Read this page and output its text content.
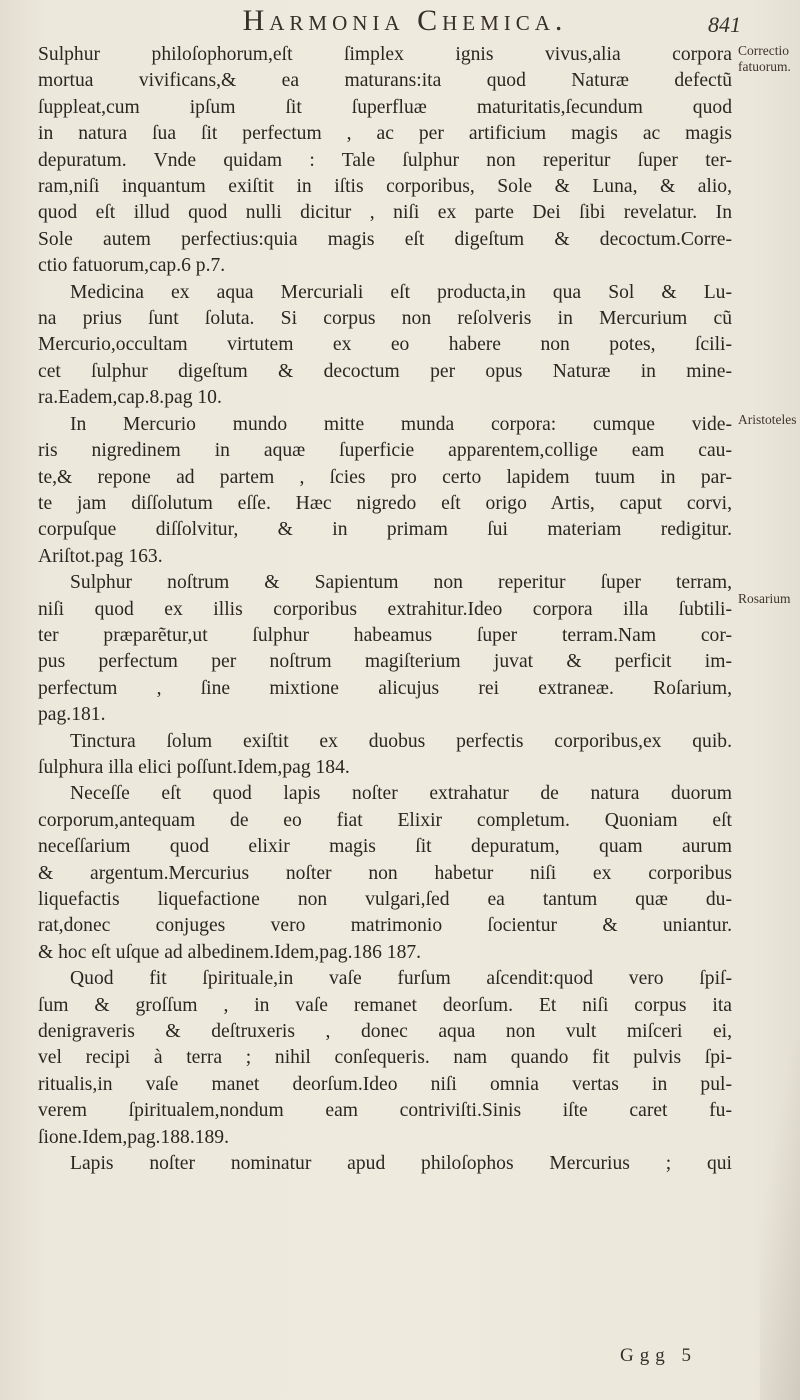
Harmonia Chemica.	841
Sulphur philoſophorum,eſt ſimplex ignis vivus,alia corpora
mortua vivificans,& ea maturans:ita quod Naturæ defectũ
ſuppleat,cum ipſum ſit ſuperfluæ maturitatis,ſecundum quod
in natura ſua ſit perfectum , ac per artificium magis ac magis
depuratum. Vnde quidam : Tale ſulphur non reperitur ſuper ter-
ram,niſi inquantum exiſtit in iſtis corporibus, Sole & Luna, & alio,
quod eſt illud quod nulli dicitur , niſi ex parte Dei ſibi revelatur. In
Sole autem perfectius:quia magis eſt digeſtum & decoctum.Corre-
ctio fatuorum,cap.6 p.7.
Medicina ex aqua Mercuriali eſt producta,in qua Sol & Lu-
na prius ſunt ſoluta. Si corpus non reſolveris in Mercurium cũ
Mercurio,occultam virtutem ex eo habere non potes, ſcili-
cet ſulphur digeſtum & decoctum per opus Naturæ in mine-
ra.Eadem,cap.8.pag 10.
In Mercurio mundo mitte munda corpora: cumque vide-
ris nigredinem in aquæ ſuperficie apparentem,collige eam cau-
te,& repone ad partem , ſcies pro certo lapidem tuum in par-
te jam diſſolutum eſſe. Hæc nigredo eſt origo Artis, caput corvi,
corpuſque diſſolvitur, & in primam ſui materiam redigitur.
Ariſtot.pag 163.
Sulphur noſtrum & Sapientum non reperitur ſuper terram,
niſi quod ex illis corporibus extrahitur.Ideo corpora illa ſubtili-
ter præparẽtur,ut ſulphur habeamus ſuper terram.Nam cor-
pus perfectum per noſtrum magiſterium juvat & perficit im-
perfectum , ſine mixtione alicujus rei extraneæ. Roſarium,
pag.181.
Tinctura ſolum exiſtit ex duobus perfectis corporibus,ex quib.
ſulphura illa elici poſſunt.Idem,pag 184.
Neceſſe eſt quod lapis noſter extrahatur de natura duorum
corporum,antequam de eo fiat Elixir completum. Quoniam eſt
neceſſarium quod elixir magis ſit depuratum, quam aurum
& argentum.Mercurius noſter non habetur niſi ex corporibus
liquefactis liquefactione non vulgari,ſed ea tantum quæ du-
rat,donec conjuges vero matrimonio ſocientur & uniantur.
& hoc eſt uſque ad albedinem.Idem,pag.186 187.
Quod fit ſpirituale,in vaſe furſum aſcendit:quod vero ſpiſ-
ſum & groſſum , in vaſe remanet deorſum. Et niſi corpus ita
denigraveris & deſtruxeris , donec aqua non vult miſceri ei,
vel recipi à terra ; nihil conſequeris. nam quando fit pulvis ſpi-
ritualis,in vaſe manet deorſum.Ideo niſi omnia vertas in pul-
verem ſpiritualem,nondum eam contriviſti.Sinis iſte caret fu-
ſione.Idem,pag.188.189.
Lapis noſter nominatur apud philoſophos Mercurius ; qui
Correctio
fatuorum.
Aristoteles
Rosarium
Ggg 5
